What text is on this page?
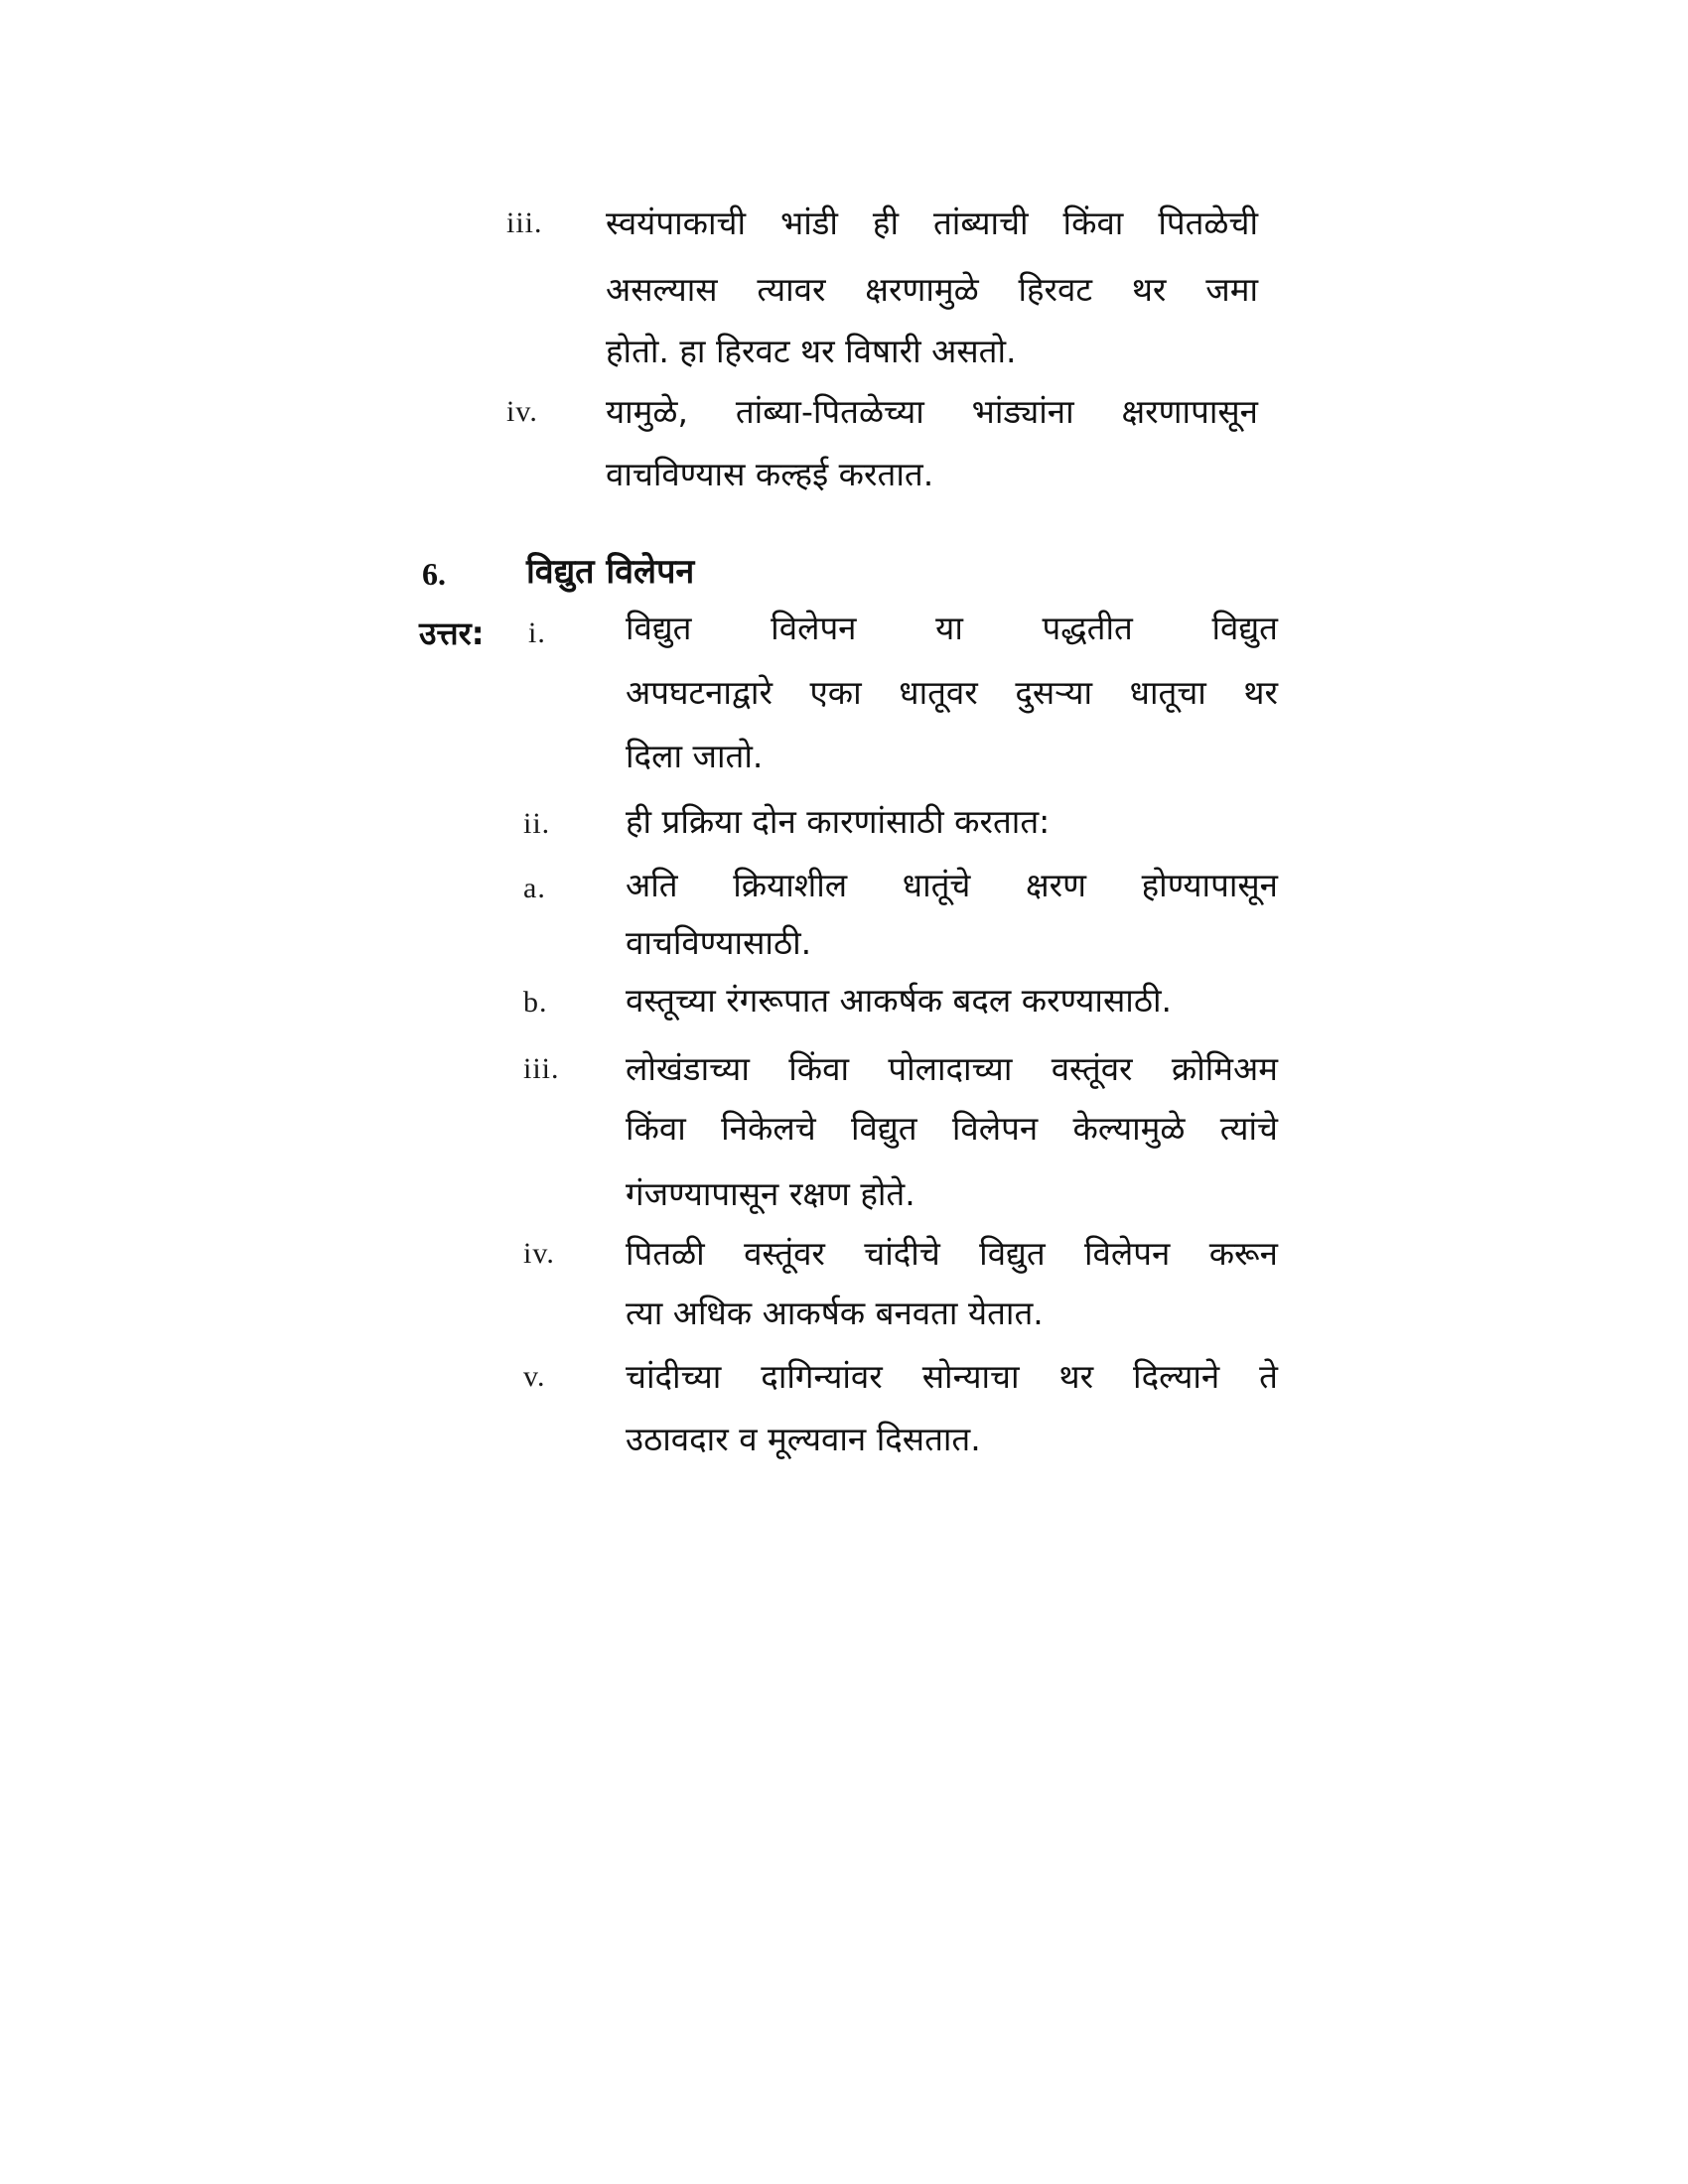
iii. स्वयंपाकाची भांडी ही तांब्याची किंवा पितळेची
असल्यास त्यावर क्षरणामुळे हिरवट थर जमा
होतो. हा हिरवट थर विषारी असतो.
iv. यामुळे, तांब्या-पितळेच्या भांड्यांना क्षरणापासून
वाचविण्यास कल्हई करतात.
6. विद्युत विलेपन
उत्तर: i. विद्युत विलेपन या पद्धतीत विद्युत
अपघटनाद्वारे एका धातूवर दुसऱ्या धातूचा थर
दिला जातो.
ii. ही प्रक्रिया दोन कारणांसाठी करतात:
a. अति क्रियाशील धातूंचे क्षरण होण्यापासून
वाचविण्यासाठी.
b. वस्तूच्या रंगरूपात आकर्षक बदल करण्यासाठी.
iii. लोखंडाच्या किंवा पोलादाच्या वस्तूंवर क्रोमिअम
किंवा निकेलचे विद्युत विलेपन केल्यामुळे त्यांचे
गंजण्यापासून रक्षण होते.
iv. पितळी वस्तूंवर चांदीचे विद्युत विलेपन करून
त्या अधिक आकर्षक बनवता येतात.
v. चांदीच्या दागिन्यांवर सोन्याचा थर दिल्याने ते
उठावदार व मूल्यवान दिसतात.
